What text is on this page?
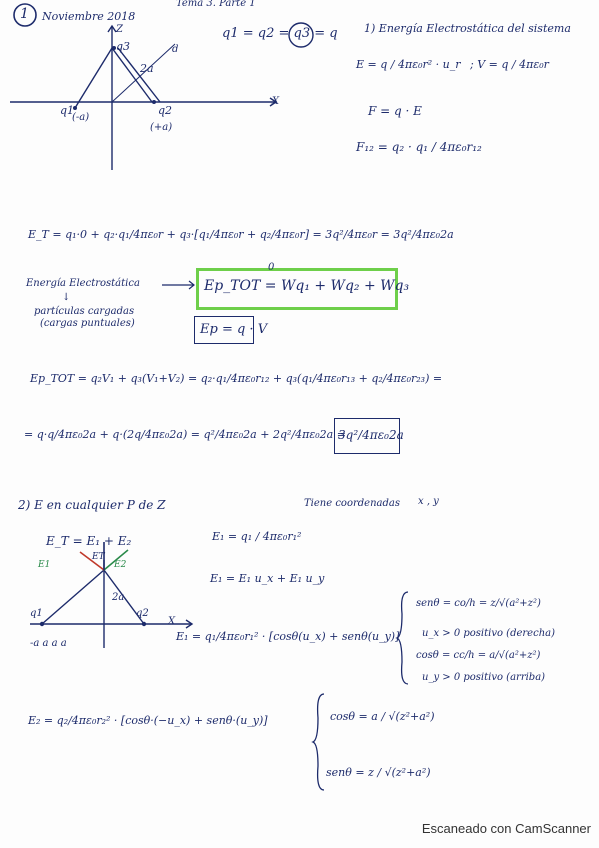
1 Noviembre 2018
Tema 3. Parte 1
Z
X
q3	d
2a
q1
(-a)
q2
(+a)
q1 = q2 = q3 = q 1) Energía Electrostática del sistema
E = q / 4πε₀r² · u_r ; V = q / 4πε₀r
F = q · E
F₁₂ = q₂ · q₁ / 4πε₀r₁₂
E_T = q₁·0 + q₂·q₁/4πε₀r + q₃·[q₁/4πε₀r + q₂/4πε₀r] = 3q²/4πε₀r = 3q²/4πε₀2a
Energía Electrostática	Ep_TOT = Wq₁ + Wq₂ + Wq₃
0
↓
partículas cargadas
(cargas puntuales)	Ep = q · V
Ep_TOT = q₂V₁ + q₃(V₁+V₂) = q₂·q₁/4πε₀r₁₂ + q₃(q₁/4πε₀r₁₃ + q₂/4πε₀r₂₃) =
= q·q/4πε₀2a + q·(2q/4πε₀2a) = q²/4πε₀2a + 2q²/4πε₀2a =
3q²/4πε₀2a
2) E en cualquier P de Z	Tiene coordenadas x , y
E_T = E₁ + E₂	E₁ = q₁ / 4πε₀r₁²
E₁ = E₁ u_x + E₁ u_y
E1	E2
ET
2a
X
q1	q2
-a a a a
E₁ = q₁/4πε₀r₁² · [cosθ(u_x) + senθ(u_y)]
senθ = co/h = z/√(a²+z²)
u_x > 0 positivo (derecha)
cosθ = cc/h = a/√(a²+z²)
u_y > 0 positivo (arriba)
E₂ = q₂/4πε₀r₂² · [cosθ·(−u_x) + senθ·(u_y)]	cosθ = a / √(z²+a²)
senθ = z / √(z²+a²)
Escaneado con CamScanner
